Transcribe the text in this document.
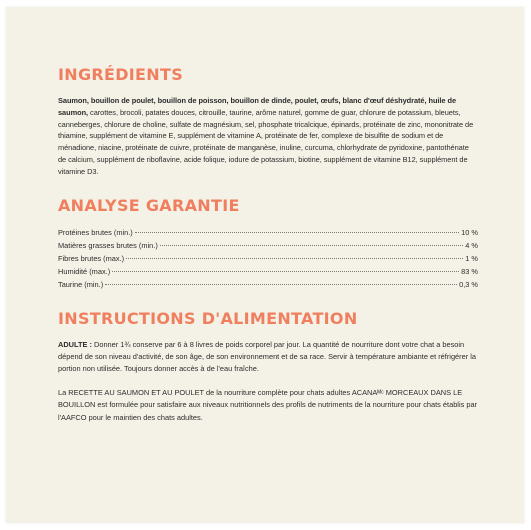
INGRÉDIENTS

Saumon, bouillon de poulet, bouillon de poisson, bouillon de dinde, poulet, œufs, blanc d'œuf déshydraté, huile de saumon, carottes, brocoli, patates douces, citrouille, taurine, arôme naturel, gomme de guar, chlorure de potassium, bleuets, canneberges, chlorure de choline, sulfate de magnésium, sel, phosphate tricalcique, épinards, protéinate de zinc, mononitrate de thiamine, supplément de vitamine E, supplément de vitamine A, protéinate de fer, complexe de bisulfite de sodium et de ménadione, niacine, protéinate de cuivre, protéinate de manganèse, inuline, curcuma, chlorhydrate de pyridoxine, pantothénate de calcium, supplément de riboflavine, acide folique, iodure de potassium, biotine, supplément de vitamine B12, supplément de vitamine D3.

ANALYSE GARANTIE
Protéines brutes (min.)	10 %
Matières grasses brutes (min.)	4 %
Fibres brutes (max.)	1 %
Humidité (max.)	83 %
Taurine (min.)	0,3 %
INSTRUCTIONS D'ALIMENTATION

ADULTE : Donner 1¾ conserve par 6 à 8 livres de poids corporel par jour. La quantité de nourriture dont votre chat a besoin dépend de son niveau d'activité, de son âge, de son environnement et de sa race. Servir à température ambiante et réfrigérer la portion non utilisée. Toujours donner accès à de l'eau fraîche.

La RECETTE AU SAUMON ET AU POULET de la nourriture complète pour chats adultes ACANAᴹᶜ MORCEAUX DANS LE BOUILLON est formulée pour satisfaire aux niveaux nutritionnels des profils de nutriments de la nourriture pour chats établis par l'AAFCO pour le maintien des chats adultes.
